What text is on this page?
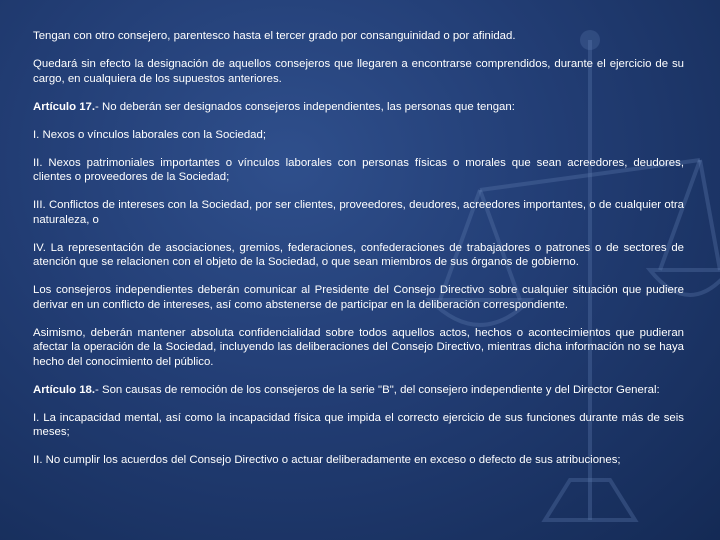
Tengan con otro consejero, parentesco hasta el tercer grado por consanguinidad o por afinidad.

Quedará sin efecto la designación de aquellos consejeros que llegaren a encontrarse comprendidos, durante el ejercicio de su cargo, en cualquiera de los supuestos anteriores.

Artículo 17.- No deberán ser designados consejeros independientes, las personas que tengan:

I. Nexos o vínculos laborales con la Sociedad;

II. Nexos patrimoniales importantes o vínculos laborales con personas físicas o morales que sean acreedores, deudores, clientes o proveedores de la Sociedad;

III. Conflictos de intereses con la Sociedad, por ser clientes, proveedores, deudores, acreedores importantes, o de cualquier otra naturaleza, o

IV. La representación de asociaciones, gremios, federaciones, confederaciones de trabajadores o patrones o de sectores de atención que se relacionen con el objeto de la Sociedad, o que sean miembros de sus órganos de gobierno.

Los consejeros independientes deberán comunicar al Presidente del Consejo Directivo sobre cualquier situación que pudiere derivar en un conflicto de intereses, así como abstenerse de participar en la deliberación correspondiente.

Asimismo, deberán mantener absoluta confidencialidad sobre todos aquellos actos, hechos o acontecimientos que pudieran afectar la operación de la Sociedad, incluyendo las deliberaciones del Consejo Directivo, mientras dicha información no se haya hecho del conocimiento del público.

Artículo 18.- Son causas de remoción de los consejeros de la serie "B", del consejero independiente y del Director General:

I. La incapacidad mental, así como la incapacidad física que impida el correcto ejercicio de sus funciones durante más de seis meses;

II. No cumplir los acuerdos del Consejo Directivo o actuar deliberadamente en exceso o defecto de sus atribuciones;
